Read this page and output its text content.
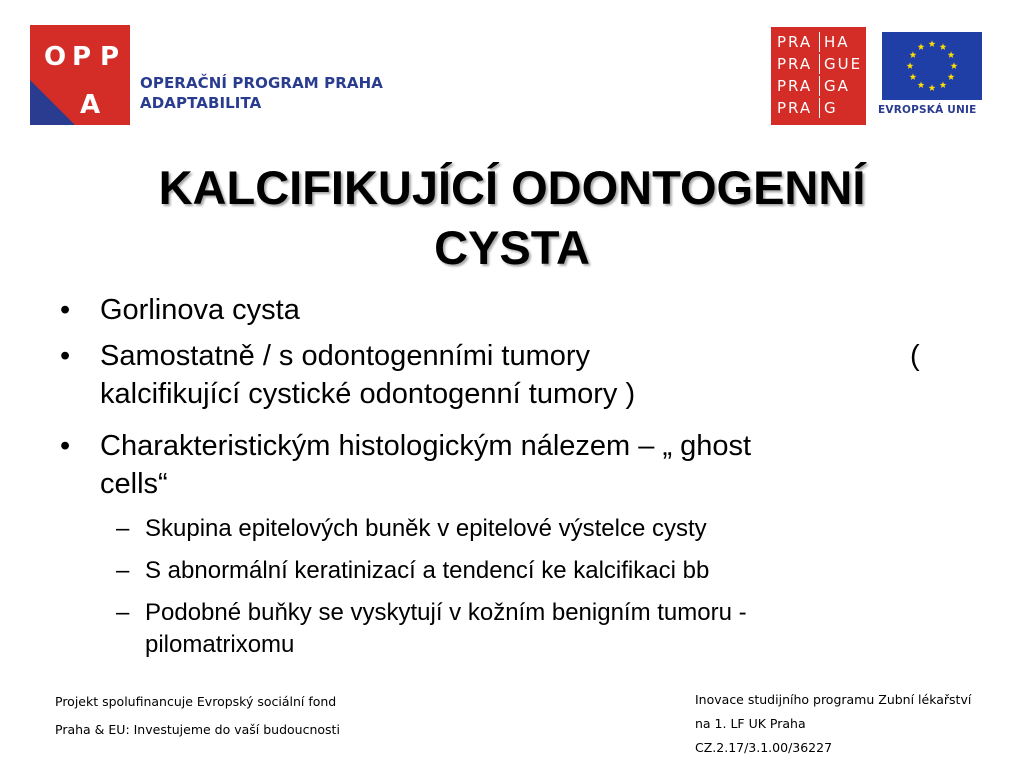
O P P
A
OPERAČNÍ PROGRAM PRAHA
ADAPTABILITA
PRA HA
PRA GUE
PRA GA
PRA G	EVROPSKÁ UNIE
KALCIFIKUJÍCÍ ODONTOGENNÍ
CYSTA
• Gorlinova cysta
• Samostatně / s odontogenními tumory	(
kalcifikující cystické odontogenní tumory )
• Charakteristickým histologickým nálezem – „ ghost
cells“
– Skupina epitelových buněk v epitelové výstelce cysty
– S abnormální keratinizací a tendencí ke kalcifikaci bb
– Podobné buňky se vyskytují v kožním benigním tumoru -
pilomatrixomu
Projekt spolufinancuje Evropský sociální fond
Praha & EU: Investujeme do vaší budoucnosti
Inovace studijního programu Zubní lékařství
na 1. LF UK Praha
CZ.2.17/3.1.00/36227
